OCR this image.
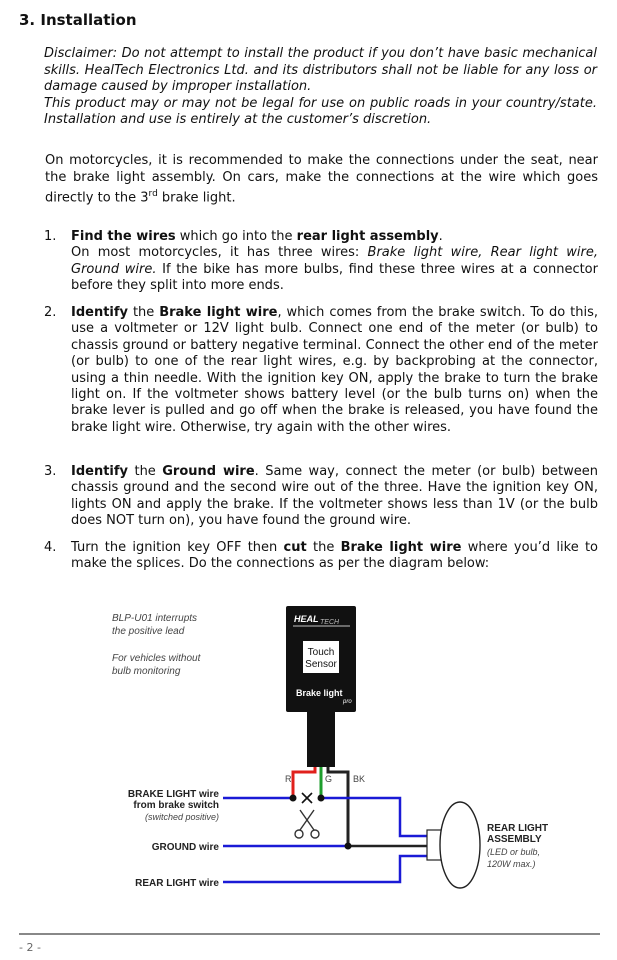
3. Installation
Disclaimer: Do not attempt to install the product if you don’t have basic mechanical skills. HealTech Electronics Ltd. and its distributors shall not be liable for any loss or damage caused by improper installation.
This product may or may not be legal for use on public roads in your country/state. Installation and use is entirely at the customer’s discretion.
On motorcycles, it is recommended to make the connections under the seat, near the brake light assembly. On cars, make the connections at the wire which goes directly to the 3rd brake light.
1. Find the wires which go into the rear light assembly.
On most motorcycles, it has three wires: Brake light wire, Rear light wire, Ground wire. If the bike has more bulbs, find these three wires at a connector before they split into more ends.
2. Identify the Brake light wire, which comes from the brake switch. To do this, use a voltmeter or 12V light bulb. Connect one end of the meter (or bulb) to chassis ground or battery negative terminal. Connect the other end of the meter (or bulb) to one of the rear light wires, e.g. by backprobing at the connector, using a thin needle. With the ignition key ON, apply the brake to turn the brake light on. If the voltmeter shows battery level (or the bulb turns on) when the brake lever is pulled and go off when the brake is released, you have found the brake light wire. Otherwise, try again with the other wires.
3. Identify the Ground wire. Same way, connect the meter (or bulb) between chassis ground and the second wire out of the three. Have the ignition key ON, lights ON and apply the brake. If the voltmeter shows less than 1V (or the bulb does NOT turn on), you have found the ground wire.
4. Turn the ignition key OFF then cut the Brake light wire where you’d like to make the splices. Do the connections as per the diagram below:
BLP-U01 interrupts
the positive lead
For vehicles without
bulb monitoring
HEAL TECH
Touch
Sensor
Brake light
pro
R	G BK
BRAKE LIGHT wire
from brake switch
(switched positive)
GROUND wire
REAR LIGHT wire
REAR LIGHT
ASSEMBLY
(LED or bulb,
120W max.)
- 2 -
